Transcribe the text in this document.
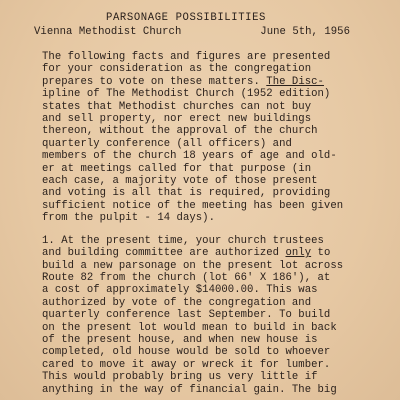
PARSONAGE POSSIBILITIES
Vienna Methodist Church	June 5th, 1956
The following facts and figures are presented
for your consideration as the congregation
prepares to vote on these matters. The Disc-
ipline of The Methodist Church (1952 edition)
states that Methodist churches can not buy
and sell property, nor erect new buildings
thereon, without the approval of the church
quarterly conference (all officers) and
members of the church 18 years of age and old-
er at meetings called for that purpose (in
each case, a majority vote of those present
and voting is all that is required, providing
sufficient notice of the meeting has been given
from the pulpit - 14 days).
1. At the present time, your church trustees
and building committee are authorized only to
build a new parsonage on the present lot across
Route 82 from the church (lot 66' X 186'), at
a cost of approximately $14000.00. This was
authorized by vote of the congregation and
quarterly conference last September. To build
on the present lot would mean to build in back
of the present house, and when new house is
completed, old house would be sold to whoever
cared to move it away or wreck it for lumber.
This would probably bring us very little if
anything in the way of financial gain. The big
